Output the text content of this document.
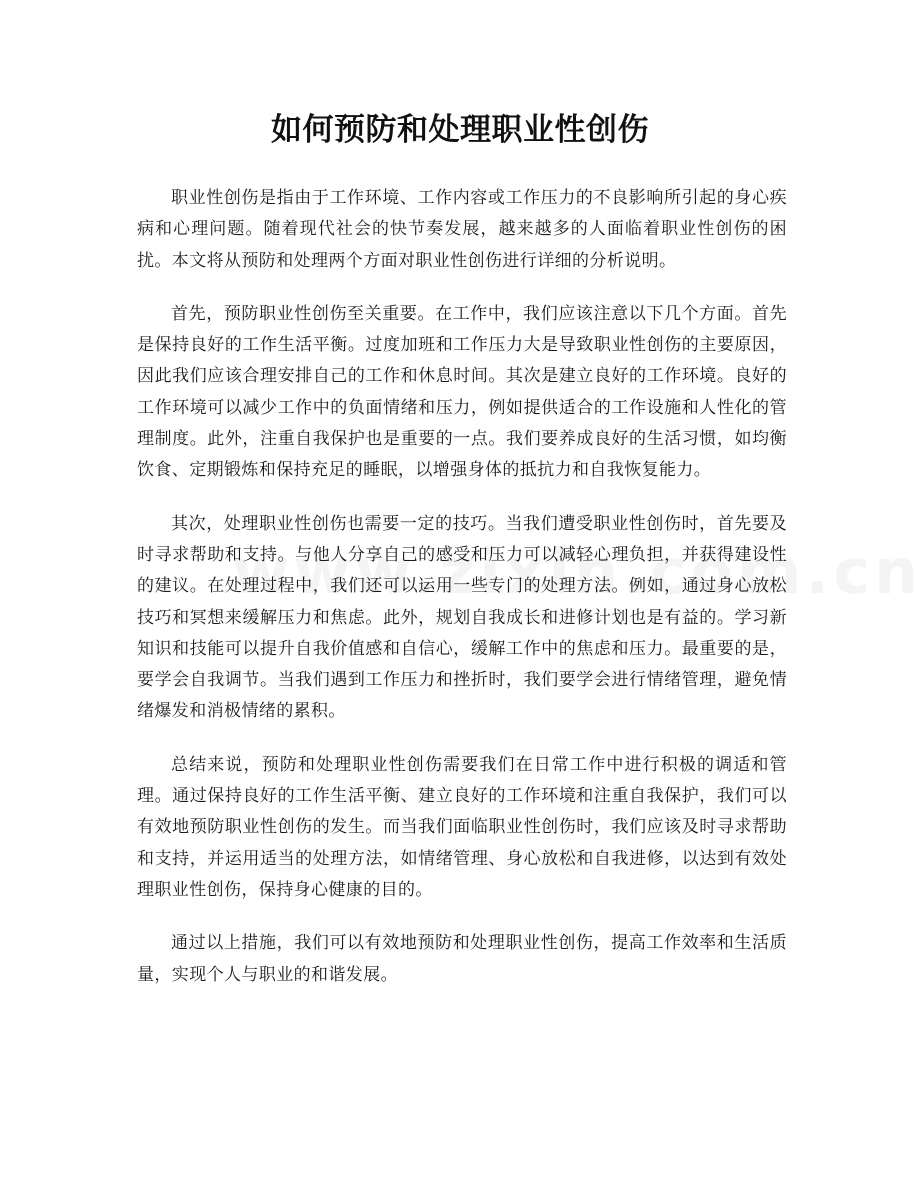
如何预防和处理职业性创伤

职业性创伤是指由于工作环境、工作内容或工作压力的不良影响所引起的身心疾病和心理问题。随着现代社会的快节奏发展，越来越多的人面临着职业性创伤的困扰。本文将从预防和处理两个方面对职业性创伤进行详细的分析说明。

首先，预防职业性创伤至关重要。在工作中，我们应该注意以下几个方面。首先是保持良好的工作生活平衡。过度加班和工作压力大是导致职业性创伤的主要原因，因此我们应该合理安排自己的工作和休息时间。其次是建立良好的工作环境。良好的工作环境可以减少工作中的负面情绪和压力，例如提供适合的工作设施和人性化的管理制度。此外，注重自我保护也是重要的一点。我们要养成良好的生活习惯，如均衡饮食、定期锻炼和保持充足的睡眠，以增强身体的抵抗力和自我恢复能力。

其次，处理职业性创伤也需要一定的技巧。当我们遭受职业性创伤时，首先要及时寻求帮助和支持。与他人分享自己的感受和压力可以减轻心理负担，并获得建设性的建议。在处理过程中，我们还可以运用一些专门的处理方法。例如，通过身心放松技巧和冥想来缓解压力和焦虑。此外，规划自我成长和进修计划也是有益的。学习新知识和技能可以提升自我价值感和自信心，缓解工作中的焦虑和压力。最重要的是，要学会自我调节。当我们遇到工作压力和挫折时，我们要学会进行情绪管理，避免情绪爆发和消极情绪的累积。

总结来说，预防和处理职业性创伤需要我们在日常工作中进行积极的调适和管理。通过保持良好的工作生活平衡、建立良好的工作环境和注重自我保护，我们可以有效地预防职业性创伤的发生。而当我们面临职业性创伤时，我们应该及时寻求帮助和支持，并运用适当的处理方法，如情绪管理、身心放松和自我进修，以达到有效处理职业性创伤，保持身心健康的目的。

通过以上措施，我们可以有效地预防和处理职业性创伤，提高工作效率和生活质量，实现个人与职业的和谐发展。
